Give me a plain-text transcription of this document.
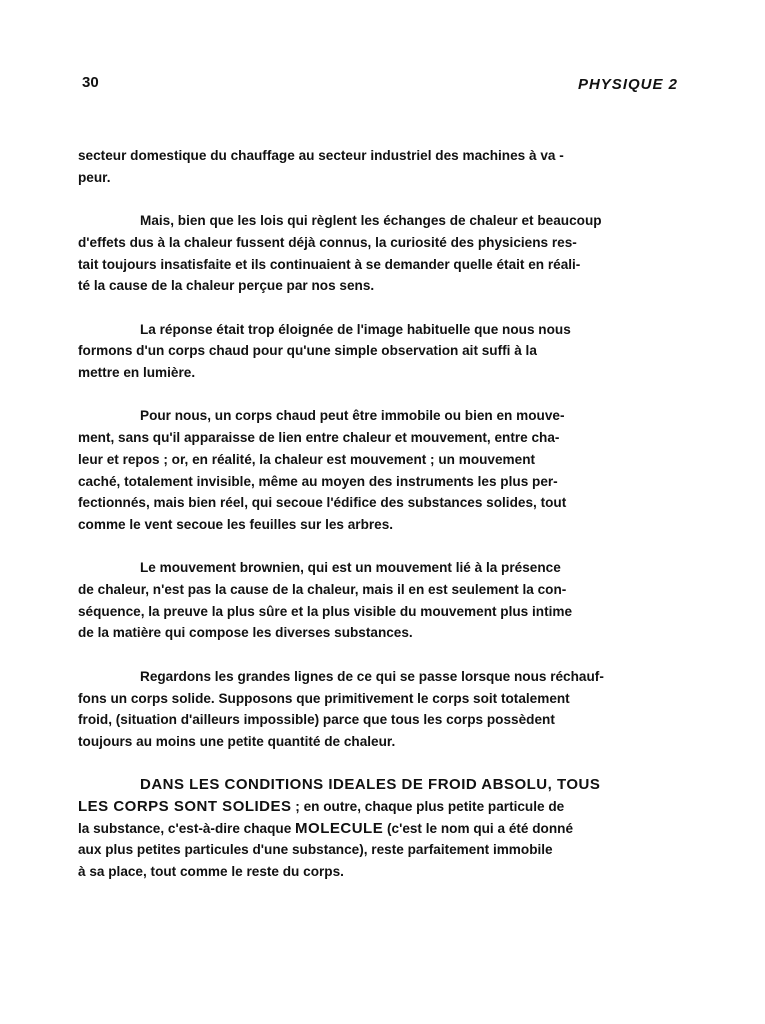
30	PHYSIQUE 2

secteur domestique du chauffage au secteur industriel des machines à va -
peur.

Mais, bien que les lois qui règlent les échanges de chaleur et beaucoup
d'effets dus à la chaleur fussent déjà connus, la curiosité des physiciens res-
tait toujours insatisfaite et ils continuaient à se demander quelle était en réali-
té la cause de la chaleur perçue par nos sens.

La réponse était trop éloignée de l'image habituelle que nous nous
formons d'un corps chaud pour qu'une simple observation ait suffi à la
mettre en lumière.

Pour nous, un corps chaud peut être immobile ou bien en mouve-
ment, sans qu'il apparaisse de lien entre chaleur et mouvement, entre cha-
leur et repos ; or, en réalité, la chaleur est mouvement ; un mouvement
caché, totalement invisible, même au moyen des instruments les plus per-
fectionnés, mais bien réel, qui secoue l'édifice des substances solides, tout
comme le vent secoue les feuilles sur les arbres.

Le mouvement brownien, qui est un mouvement lié à la présence
de chaleur, n'est pas la cause de la chaleur, mais il en est seulement la con-
séquence, la preuve la plus sûre et la plus visible du mouvement plus intime
de la matière qui compose les diverses substances.

Regardons les grandes lignes de ce qui se passe lorsque nous réchauf-
fons un corps solide. Supposons que primitivement le corps soit totalement
froid, (situation d'ailleurs impossible) parce que tous les corps possèdent
toujours au moins une petite quantité de chaleur.

DANS LES CONDITIONS IDEALES DE FROID ABSOLU, TOUS
LES CORPS SONT SOLIDES ; en outre, chaque plus petite particule de
la substance, c'est-à-dire chaque MOLECULE (c'est le nom qui a été donné
aux plus petites particules d'une substance), reste parfaitement immobile
à sa place, tout comme le reste du corps.
